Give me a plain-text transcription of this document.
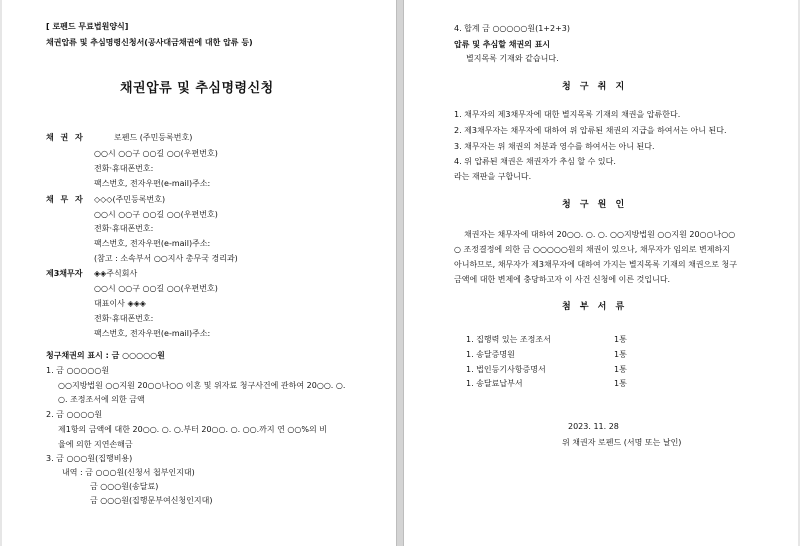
[ 로펜드 무료법원양식]
채권압류 및 추심명령신청서(공사대금채권에 대한 압류 등)
채권압류 및 추심명령신청
채 권 자	로펜드 (주민등록번호)
○○시 ○○구 ○○길 ○○(우편번호)
전화·휴대폰번호:
팩스번호, 전자우편(e-mail)주소:
채 무 자 ◇◇◇(주민등록번호)
○○시 ○○구 ○○길 ○○(우편번호)
전화·휴대폰번호:
팩스번호, 전자우편(e-mail)주소:
(참고 : 소속부서 ○○지사 총무국 경리과)
제3채무자 ◈◈주식회사
○○시 ○○구 ○○길 ○○(우편번호)
대표이사 ◈◈◈
전화·휴대폰번호:
팩스번호, 전자우편(e-mail)주소:
청구채권의 표시 : 금 ○○○○○원
1. 금 ○○○○○원
○○지방법원 ○○지원 20○○나○○ 이혼 및 위자료 청구사건에 관하여 20○○. ○.
○. 조정조서에 의한 금액
2. 금 ○○○○원
제1항의 금액에 대한 20○○. ○. ○.부터 20○○. ○. ○○.까지 연 ○○%의 비
율에 의한 지연손해금
3. 금 ○○○원(집행비용)
내역 : 금 ○○○원(신청서 첩부인지대)
금 ○○○원(송달료)
금 ○○○원(집행문부여신청인지대)
4. 합계 금 ○○○○○원(1+2+3)
압류 및 추심할 채권의 표시
별지목록 기재와 같습니다.
청 구 취 지
1. 채무자의 제3채무자에 대한 별지목록 기재의 채권을 압류한다.
2. 제3채무자는 채무자에 대하여 위 압류된 채권의 지급을 하여서는 아니 된다.
3. 채무자는 위 채권의 처분과 영수를 하여서는 아니 된다.
4. 위 압류된 채권은 채권자가 추심 할 수 있다.
라는 재판을 구합니다.
청 구 원 인
채권자는 채무자에 대하여 20○○. ○. ○. ○○지방법원 ○○지원 20○○나○○
○ 조정결정에 의한 금 ○○○○○원의 채권이 있으나, 채무자가 임의로 변제하지
아니하므로, 채무자가 제3채무자에 대하여 가지는 별지목록 기재의 채권으로 청구
금액에 대한 변제에 충당하고자 이 사건 신청에 이른 것입니다.
첨 부 서 류
1. 집행력 있는 조정조서	1통
1. 송달증명원	1통
1. 법인등기사항증명서	1통
1. 송달료납부서	1통
2023. 11. 28
위 채권자 로펜드 (서명 또는 날인)
